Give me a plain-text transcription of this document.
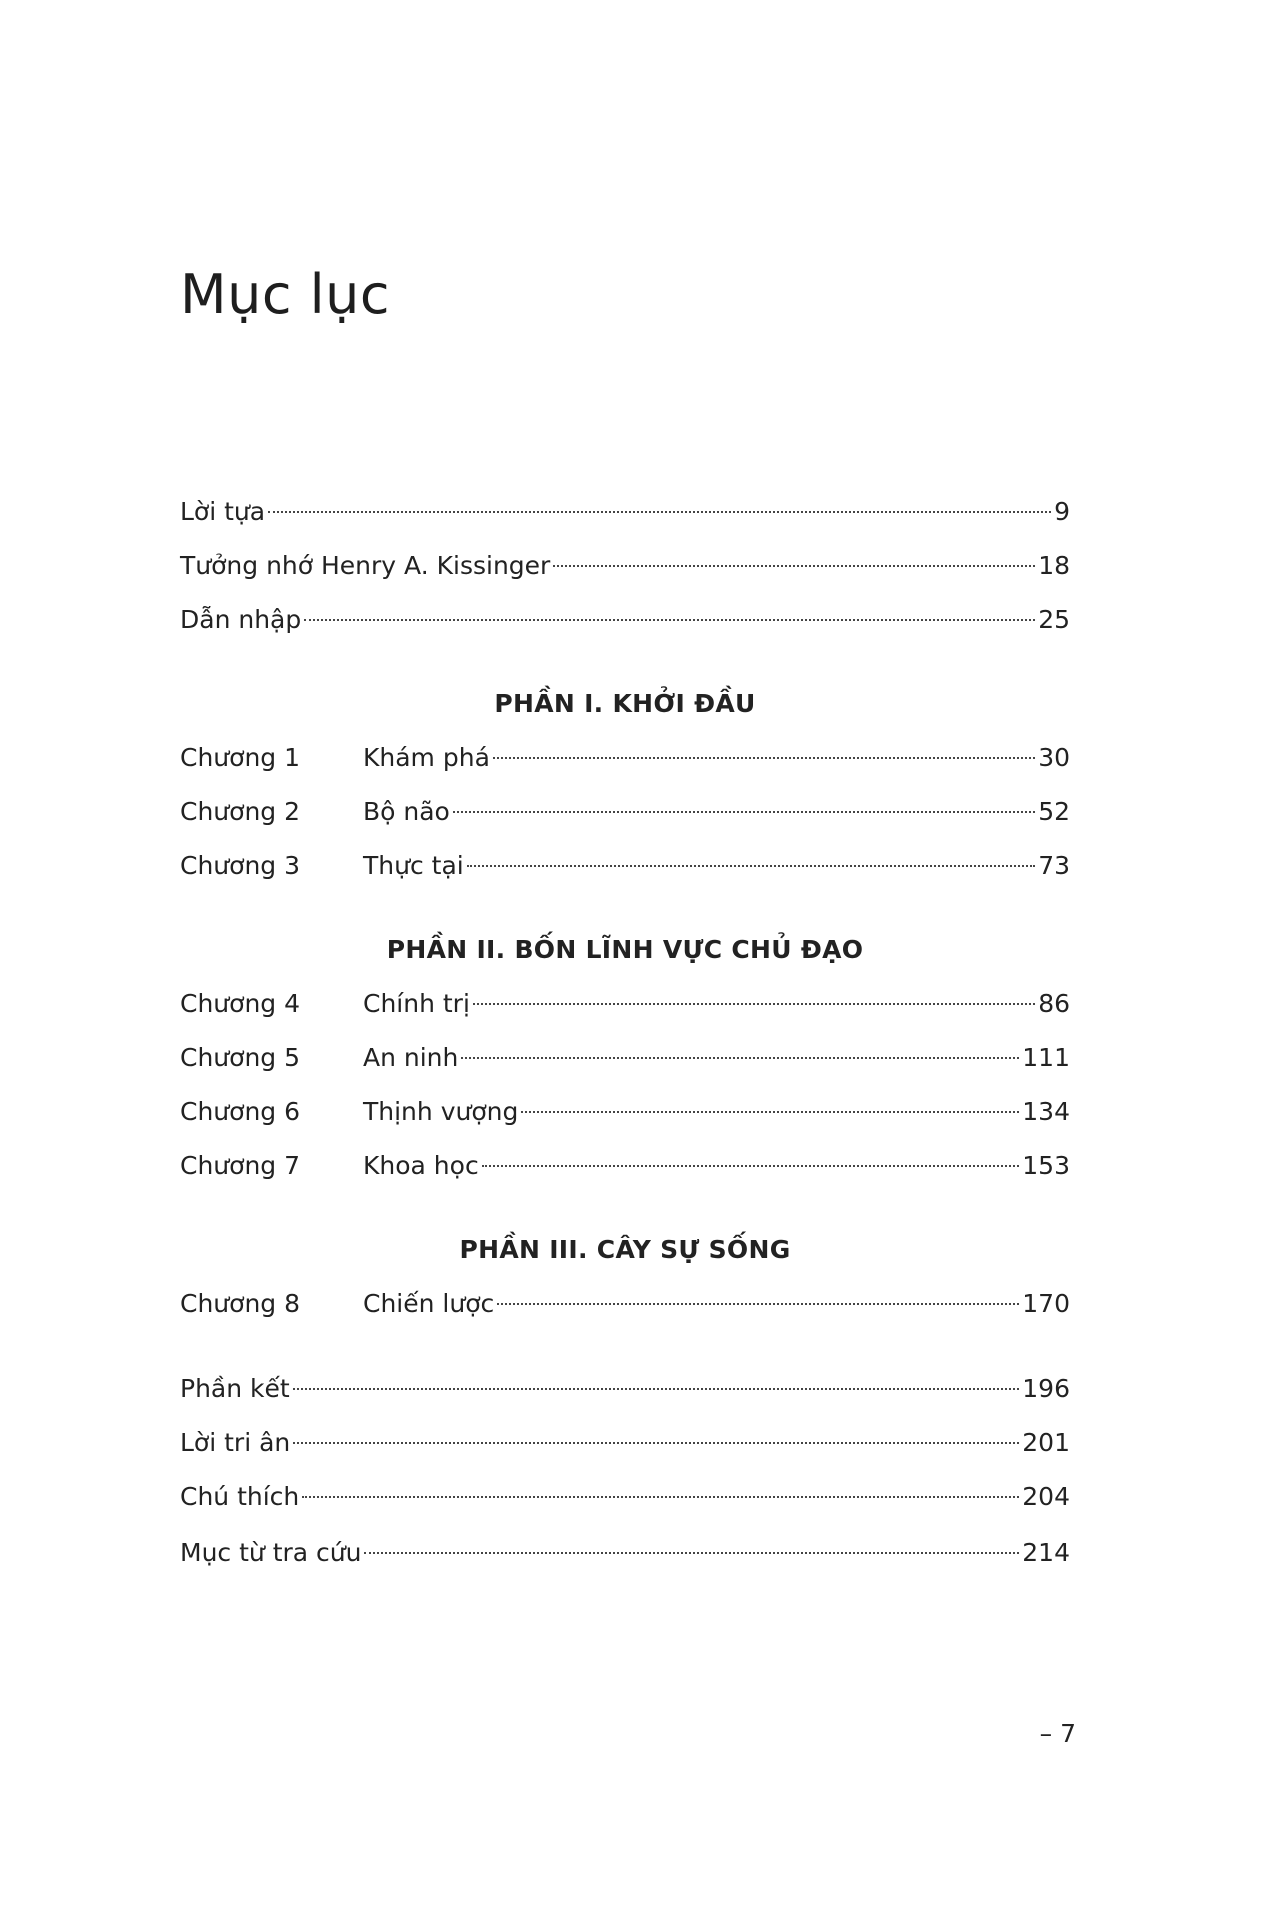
Mục lục
Lời tựa	9
Tưởng nhớ Henry A. Kissinger	18
Dẫn nhập	25
PHẦN I. KHỞI ĐẦU
Chương 1	Khám phá	30
Chương 2	Bộ não	52
Chương 3	Thực tại	73
PHẦN II. BỐN LĨNH VỰC CHỦ ĐẠO
Chương 4	Chính trị	86
Chương 5	An ninh	111
Chương 6	Thịnh vượng	134
Chương 7	Khoa học	153
PHẦN III. CÂY SỰ SỐNG
Chương 8	Chiến lược	170
Phần kết	196
Lời tri ân	201
Chú thích	204
Mục từ tra cứu	214
– 7
